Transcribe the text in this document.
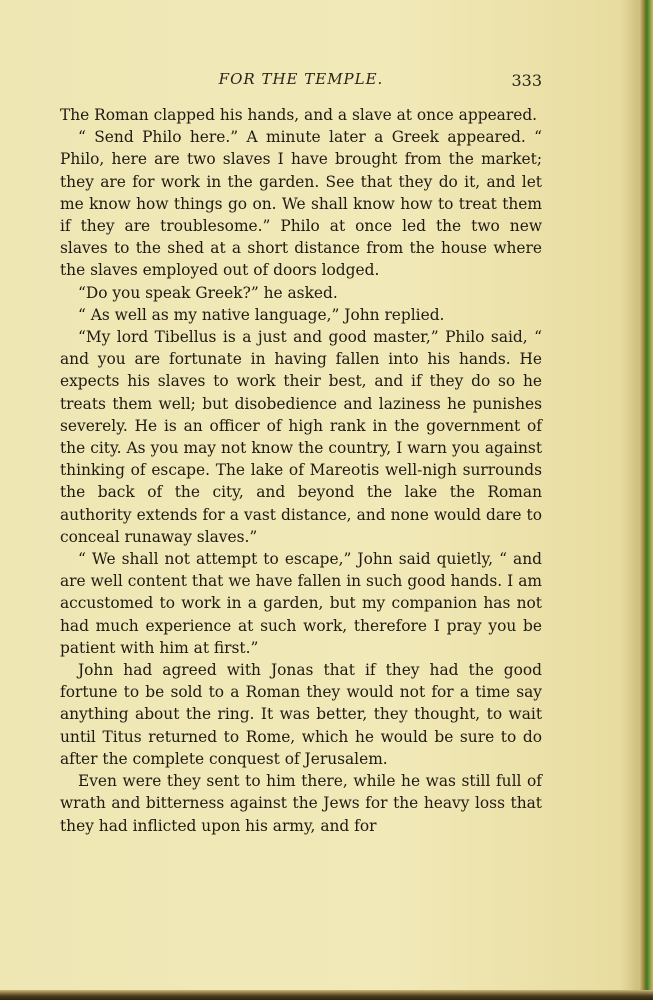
FOR THE TEMPLE.	333

The Roman clapped his hands, and a slave at once appeared.

“ Send Philo here.” A minute later a Greek appeared. “ Philo, here are two slaves I have brought from the market; they are for work in the garden. See that they do it, and let me know how things go on. We shall know how to treat them if they are troublesome.” Philo at once led the two new slaves to the shed at a short distance from the house where the slaves employed out of doors lodged.

“Do you speak Greek?” he asked.

“ As well as my native language,” John replied.

“My lord Tibellus is a just and good master,” Philo said, “ and you are fortunate in having fallen into his hands. He expects his slaves to work their best, and if they do so he treats them well; but disobedience and laziness he punishes severely. He is an officer of high rank in the government of the city. As you may not know the country, I warn you against thinking of escape. The lake of Mareotis well-nigh surrounds the back of the city, and beyond the lake the Roman authority extends for a vast distance, and none would dare to conceal runaway slaves.”

“ We shall not attempt to escape,” John said quietly, “ and are well content that we have fallen in such good hands. I am accustomed to work in a garden, but my companion has not had much experience at such work, therefore I pray you be patient with him at first.”

John had agreed with Jonas that if they had the good fortune to be sold to a Roman they would not for a time say anything about the ring. It was better, they thought, to wait until Titus returned to Rome, which he would be sure to do after the complete conquest of Jerusalem.

Even were they sent to him there, while he was still full of wrath and bitterness against the Jews for the heavy loss that they had inflicted upon his army, and for
